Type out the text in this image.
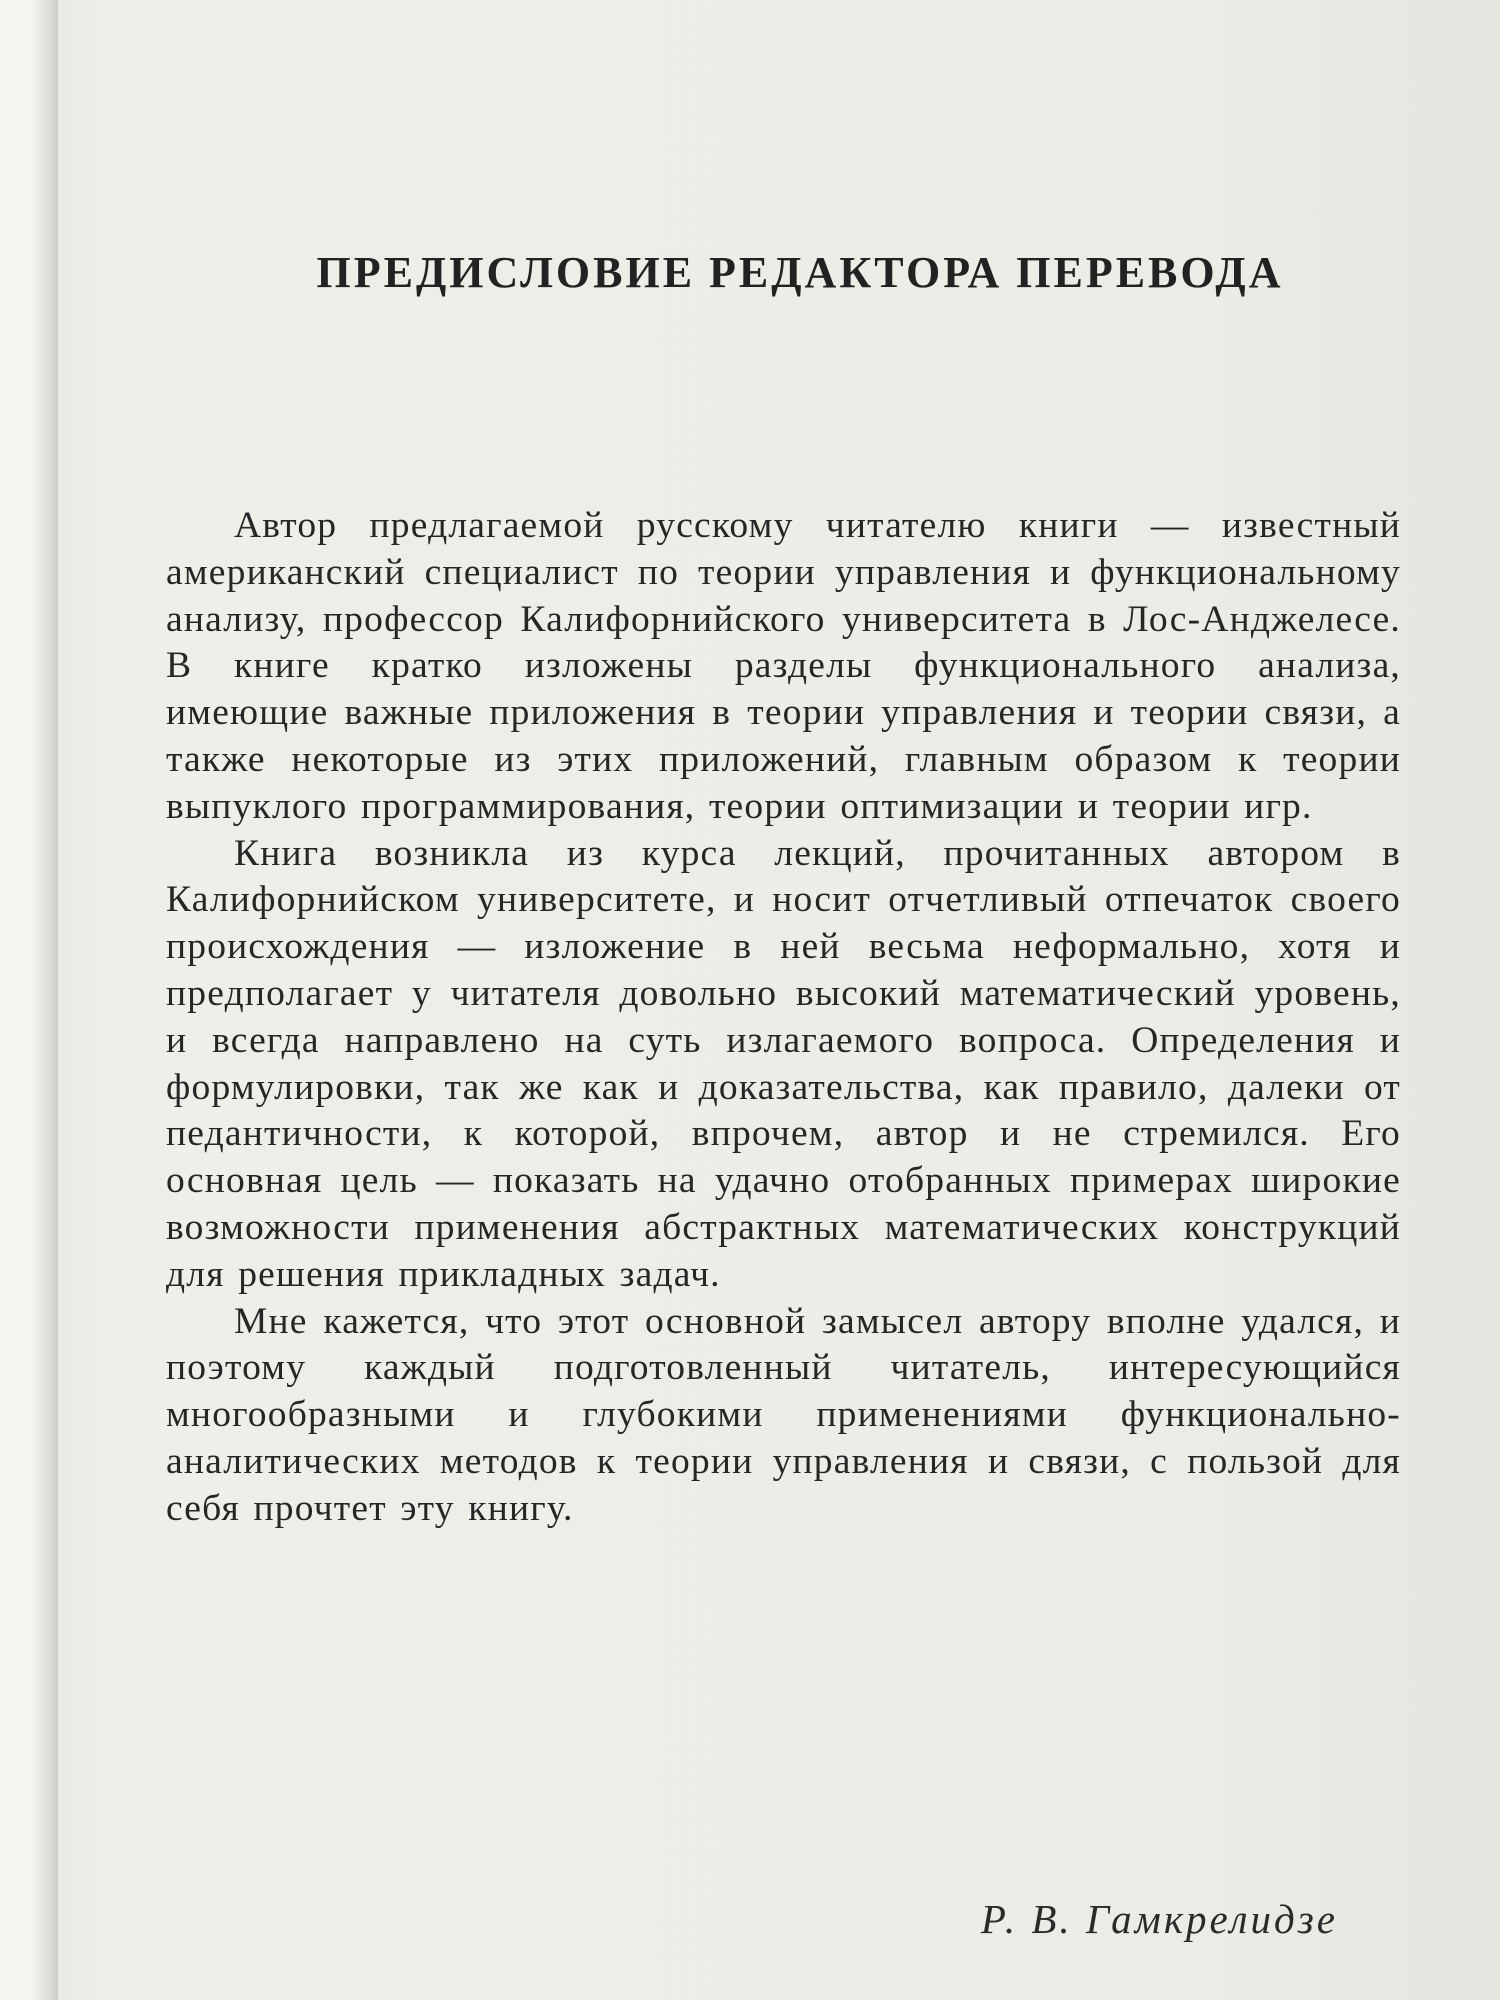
ПРЕДИСЛОВИЕ РЕДАКТОРА ПЕРЕВОДА

Автор предлагаемой русскому читателю книги — известный американский специалист по теории управления и функциональному анализу, профессор Калифорнийского университета в Лос-Анджелесе. В книге кратко изложены разделы функционального анализа, имеющие важные приложения в теории управления и теории связи, а также некоторые из этих приложений, главным образом к теории выпуклого программирования, теории оптимизации и теории игр.

Книга возникла из курса лекций, прочитанных автором в Калифорнийском университете, и носит отчетливый отпечаток своего происхождения — изложение в ней весьма неформально, хотя и предполагает у читателя довольно высокий математический уровень, и всегда направлено на суть излагаемого вопроса. Определения и формулировки, так же как и доказательства, как правило, далеки от педантичности, к которой, впрочем, автор и не стремился. Его основная цель — показать на удачно отобранных примерах широкие возможности применения абстрактных математических конструкций для решения прикладных задач.

Мне кажется, что этот основной замысел автору вполне удался, и поэтому каждый подготовленный читатель, интересующийся многообразными и глубокими применениями функционально-аналитических методов к теории управления и связи, с пользой для себя прочтет эту книгу.

Р. В. Гамкрелидзе
